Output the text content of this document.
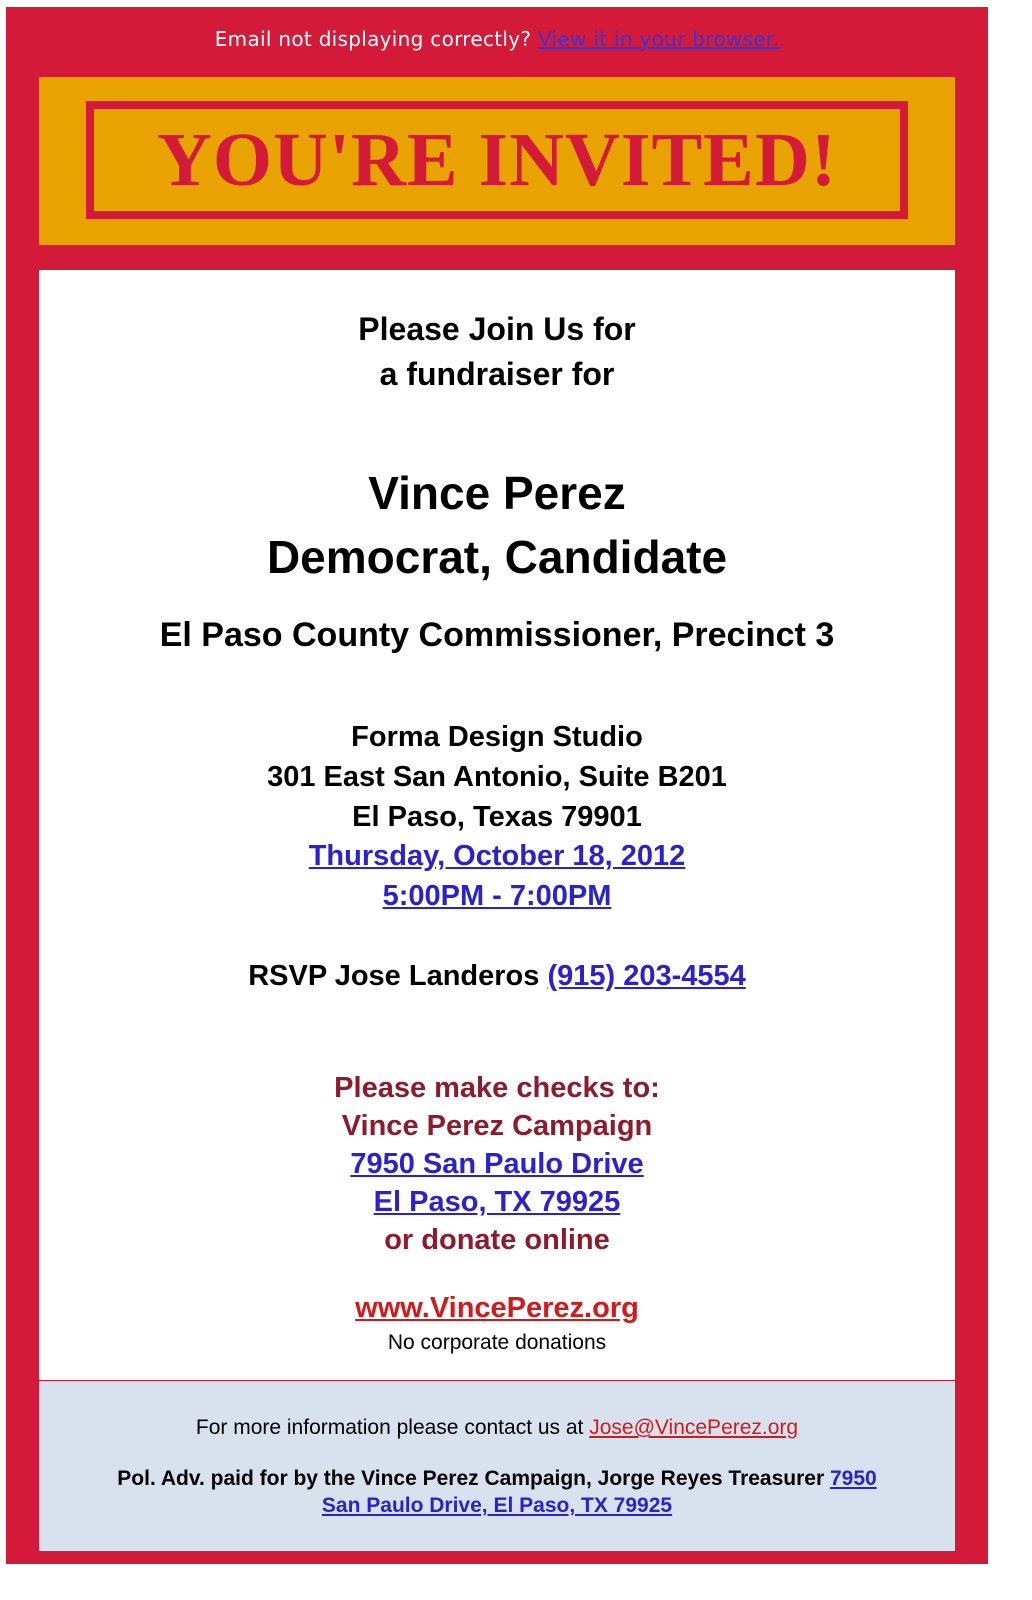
Email not displaying correctly? View it in your browser.
YOU'RE INVITED!
Please Join Us for
a fundraiser for
Vince Perez
Democrat, Candidate
El Paso County Commissioner, Precinct 3
Forma Design Studio
301 East San Antonio, Suite B201
El Paso, Texas 79901
Thursday, October 18, 2012
5:00PM - 7:00PM
RSVP Jose Landeros (915) 203-4554
Please make checks to:
Vince Perez Campaign
7950 San Paulo Drive
El Paso, TX 79925
or donate online
www.VincePerez.org
No corporate donations
For more information please contact us at Jose@VincePerez.org
Pol. Adv. paid for by the Vince Perez Campaign, Jorge Reyes Treasurer 7950
San Paulo Drive, El Paso, TX 79925
